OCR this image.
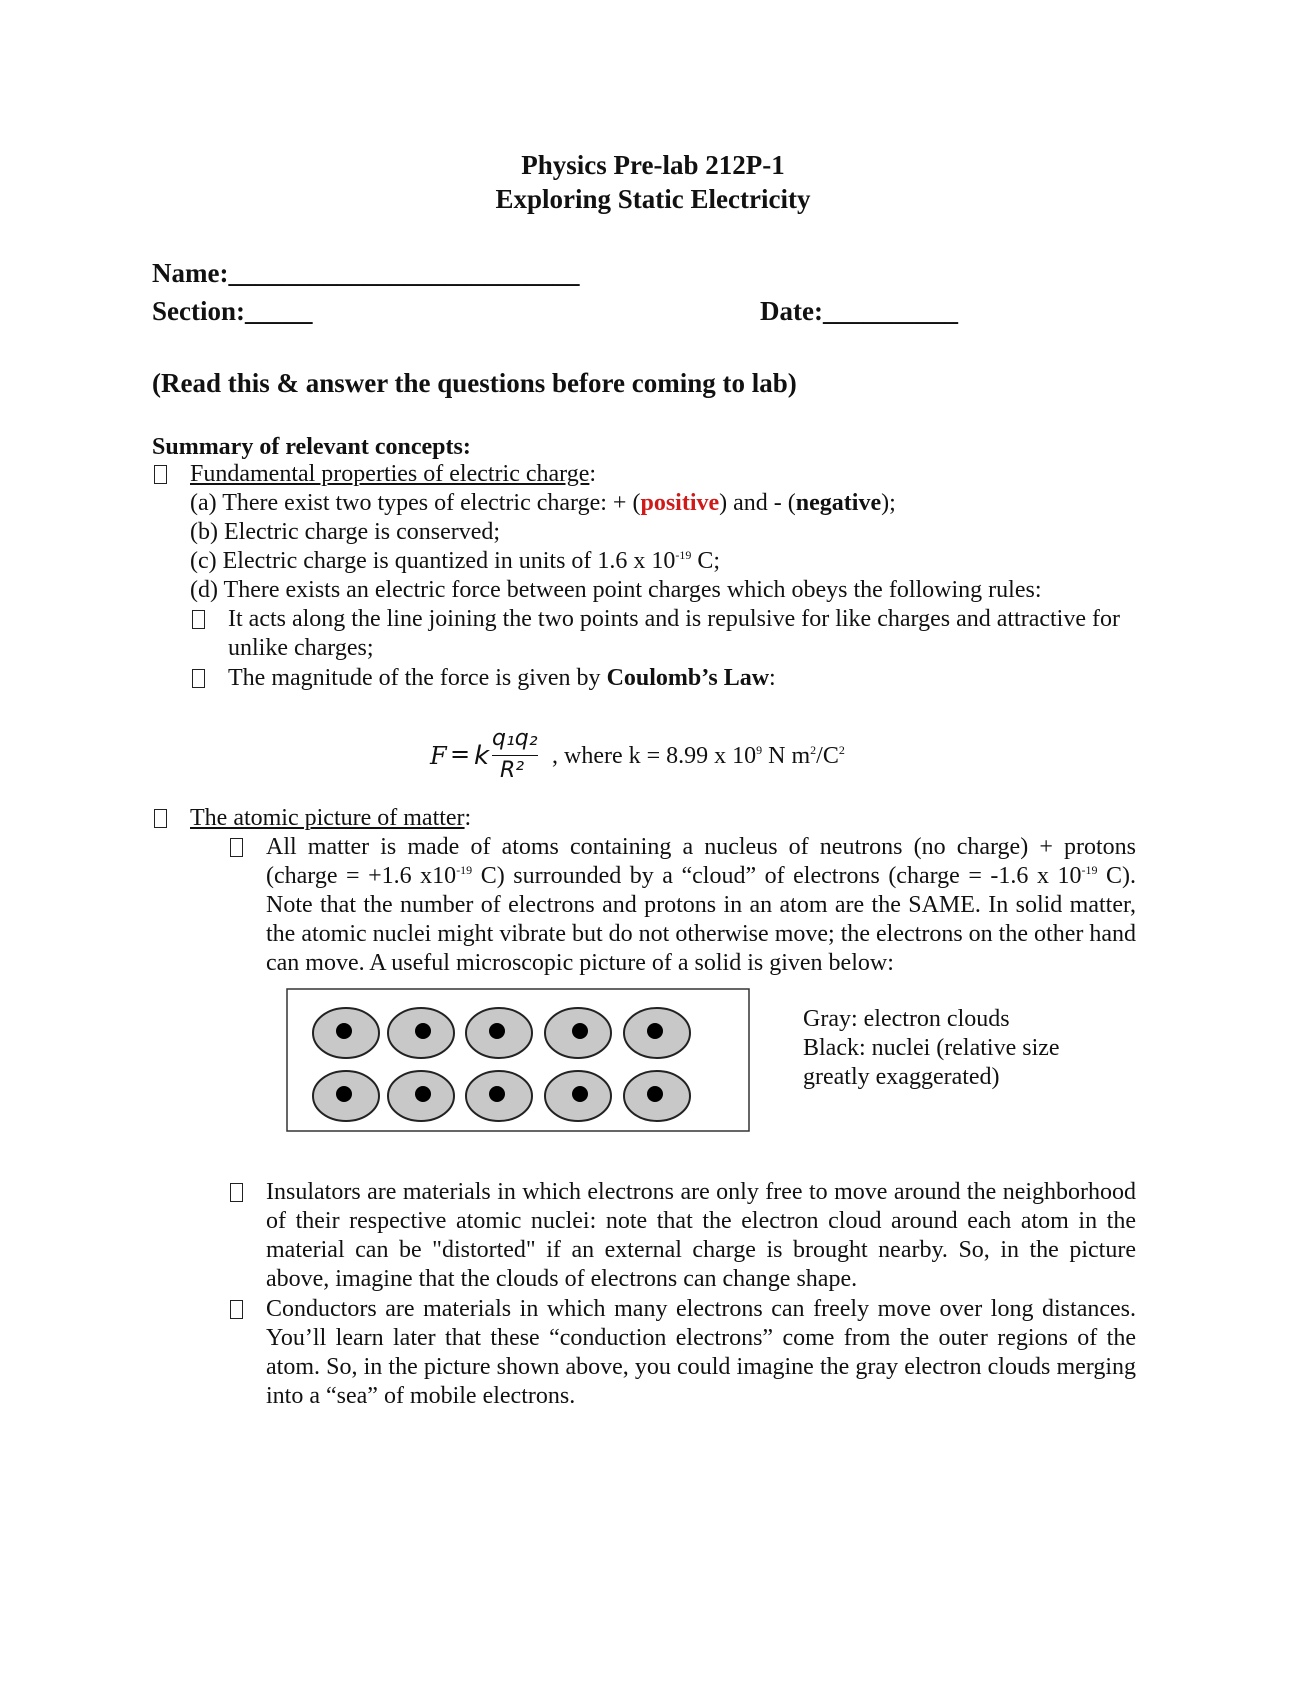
Physics Pre-lab 212P-1
Exploring Static Electricity
Name:__________________________
Section:_____	Date:__________
(Read this & answer the questions before coming to lab)
Summary of relevant concepts:
Fundamental properties of electric charge:
(a) There exist two types of electric charge: + (positive) and - (negative);
(b) Electric charge is conserved;
(c) Electric charge is quantized in units of 1.6 x $10^{-19}$ C;
(d) There exists an electric force between point charges which obeys the following rules:
It acts along the line joining the two points and is repulsive for like charges and attractive for unlike charges;
The magnitude of the force is given by Coulomb’s Law:
F = k
q₁q₂
R²
, where k = 8.99 x $10^9$ N $m^2/C^2$
The atomic picture of matter:
All matter is made of atoms containing a nucleus of neutrons (no charge) + protons (charge = +1.6 $x10^{-19}$ C) surrounded by a “cloud” of electrons (charge = -1.6 x $10^{-19}$ C). Note that the number of electrons and protons in an atom are the SAME. In solid matter, the atomic nuclei might vibrate but do not otherwise move; the electrons on the other hand can move. A useful microscopic picture of a solid is given below:
Gray: electron clouds
Black: nuclei (relative size greatly exaggerated)
Insulators are materials in which electrons are only free to move around the neighborhood of their respective atomic nuclei: note that the electron cloud around each atom in the material can be "distorted" if an external charge is brought nearby. So, in the picture above, imagine that the clouds of electrons can change shape.
Conductors are materials in which many electrons can freely move over long distances. You’ll learn later that these “conduction electrons” come from the outer regions of the atom. So, in the picture shown above, you could imagine the gray electron clouds merging into a “sea” of mobile electrons.
